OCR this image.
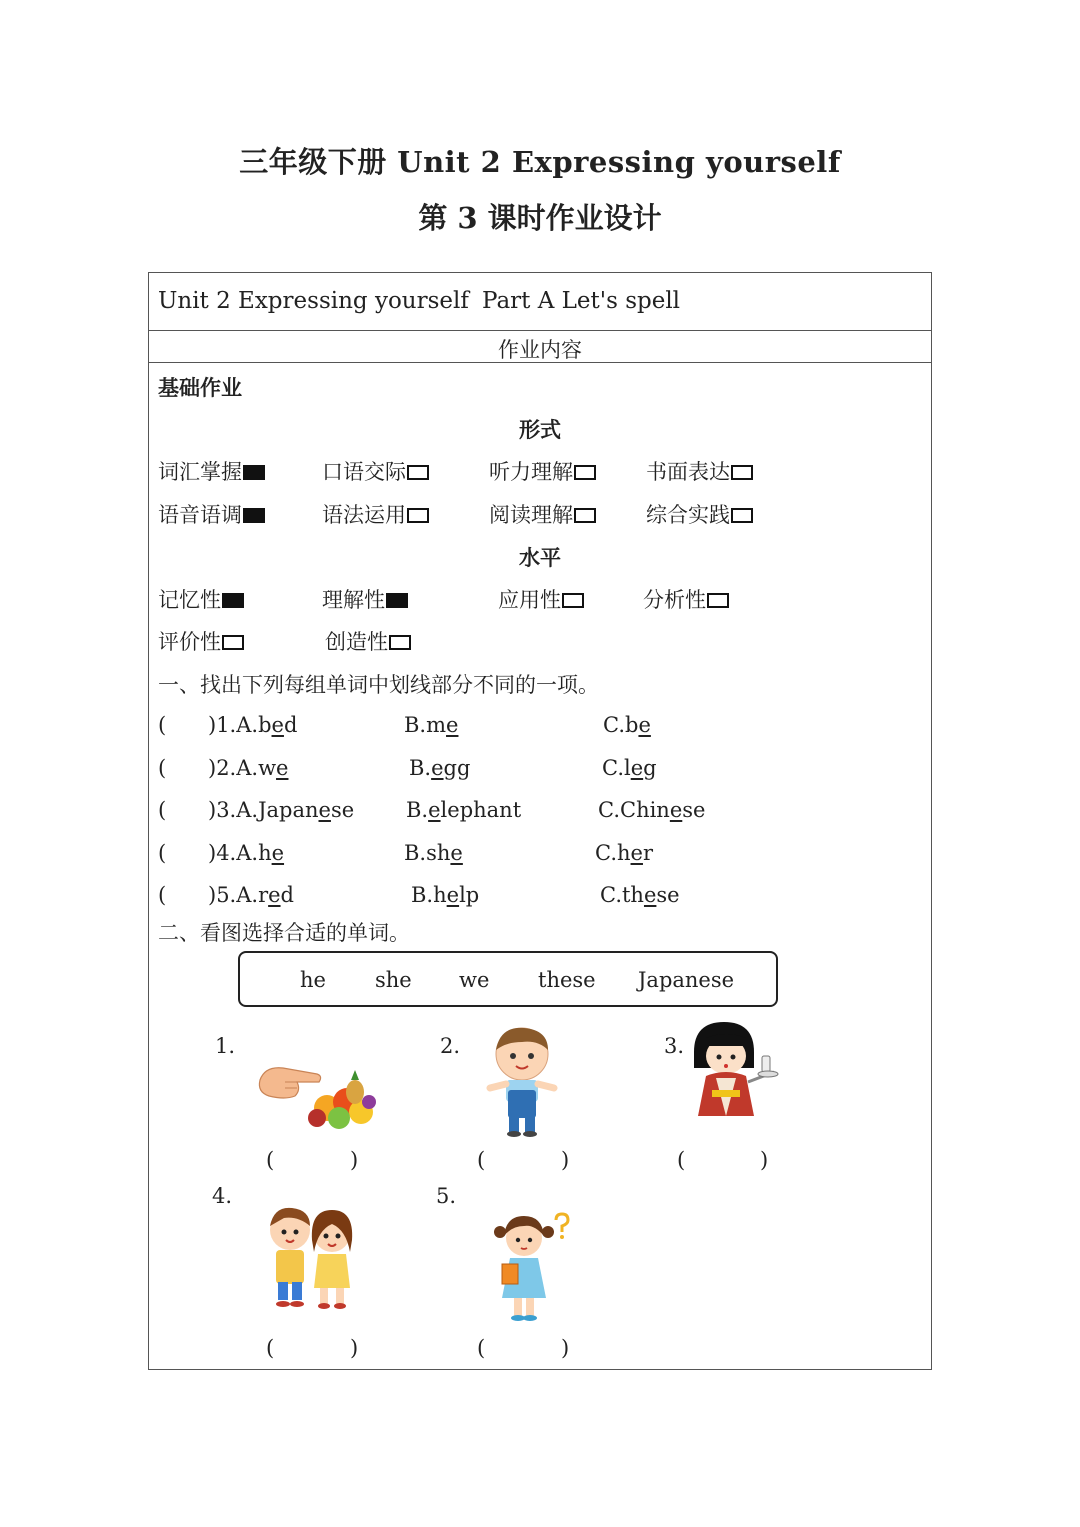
三年级下册 Unit 2 Expressing yourself
第 3 课时作业设计
Unit 2 Expressing yourself Part A Let's spell
作业内容
基础作业
形式
词汇掌握	口语交际	听力理解	书面表达
语音语调	语法运用	阅读理解	综合实践
水平
记忆性	理解性	应用性	分析性
评价性	创造性
一、找出下列每组单词中划线部分不同的一项。
( )1.A.bed	B.me	C.be
( )2.A.we	B.egg	C.leg
( )3.A.Japanese B.elephant	C.Chinese
( )4.A.he	B.she	C.her
( )5.A.red	B.help	C.these
二、看图选择合适的单词。
he she we these Japanese
1.	2.	3.
4.	5.
(	)	(	)	(	)
(	)	(	)
